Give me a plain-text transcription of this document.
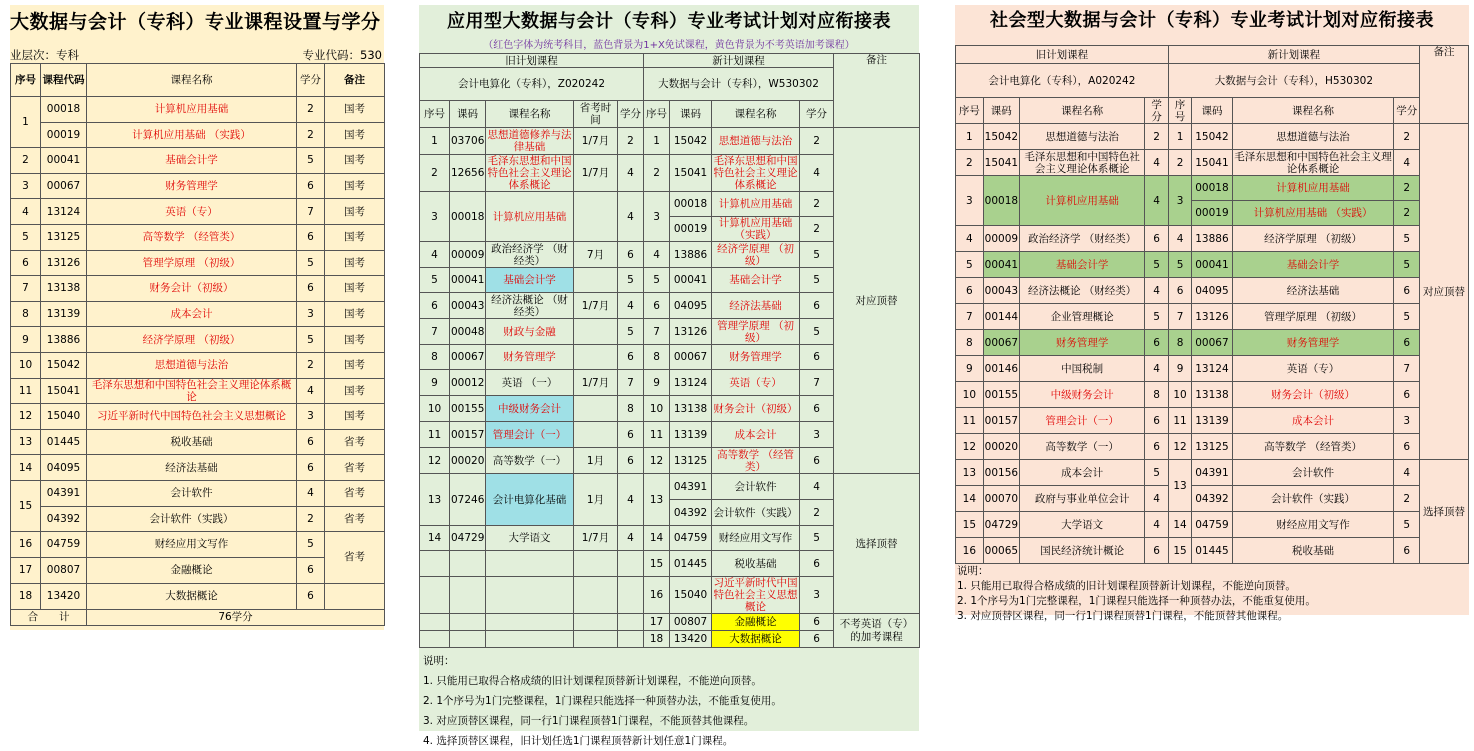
大数据与会计（专科）专业课程设置与学分
业层次：专科	专业代码：530
序号	课程代码	课程名称	学分	备注
1	00018	计算机应用基础	2	国考
	00019	计算机应用基础 （实践）	2	国考
2	00041	基础会计学	5	国考
3	00067	财务管理学	6	国考
4	13124	英语（专）	7	国考
5	13125	高等数学 （经管类）	6	国考
6	13126	管理学原理 （初级）	5	国考
7	13138	财务会计（初级）	6	国考
8	13139	成本会计	3	国考
9	13886	经济学原理 （初级）	5	国考
10	15042	思想道德与法治	2	国考
11	15041	毛泽东思想和中国特色社会主义理论体系概论	4	国考
12	15040	习近平新时代中国特色社会主义思想概论	3	国考
13	01445	税收基础	6	省考
14	04095	经济法基础	6	省考
15	04391	会计软件	4	省考
	04392	会计软件（实践）	2	省考
16	04759	财经应用文写作	5	省考
17	00807	金融概论	6	
18	13420	大数据概论	6	
合　　计		76学分		
应用型大数据与会计（专科）专业考试计划对应衔接表
（红色字体为统考科目，蓝色背景为1+X免试课程，黄色背景为不考英语加考课程）
旧计划课程					新计划课程				备注
会计电算化（专科），Z020242					大数据与会计（专科），W530302				
序号	课码	课程名称	省考时间	学分	序号	课码	课程名称	学分	
1	03706	思想道德修养与法律基础	1/7月	2	1	15042	思想道德与法治	2	对应顶替
2	12656	毛泽东思想和中国特色社会主义理论体系概论	1/7月	4	2	15041	毛泽东思想和中国特色社会主义理论体系概论	4	
3	00018	计算机应用基础		4	3	00018	计算机应用基础	2	
						00019	计算机应用基础（实践）	2	
4	00009	政治经济学 （财经类）	7月	6	4	13886	经济学原理 （初级）	5	
5	00041	基础会计学		5	5	00041	基础会计学	5	
6	00043	经济法概论 （财经类）	1/7月	4	6	04095	经济法基础	6	
7	00048	财政与金融		5	7	13126	管理学原理 （初级）	5	
8	00067	财务管理学		6	8	00067	财务管理学	6	
9	00012	英语 （一）	1/7月	7	9	13124	英语（专）	7	
10	00155	中级财务会计		8	10	13138	财务会计（初级）	6	
11	00157	管理会计（一）		6	11	13139	成本会计	3	
12	00020	高等数学（一）	1月	6	12	13125	高等数学 （经管类）	6	
13	07246	会计电算化基础	1月	4	13	04391	会计软件	4	选择顶替
						04392	会计软件（实践）	2	
14	04729	大学语文	1/7月	4	14	04759	财经应用文写作	5	
					15	01445	税收基础	6	
					16	15040	习近平新时代中国特色社会主义思想概论	3	
					17	00807	金融概论	6	不考英语（专）的加考课程
					18	13420	大数据概论	6	
说明：
1. 只能用已取得合格成绩的旧计划课程顶替新计划课程，不能逆向顶替。
2. 1个序号为1门完整课程，1门课程只能选择一种顶替办法，不能重复使用。
3. 对应顶替区课程，同一行1门课程顶替1门课程，不能顶替其他课程。
4. 选择顶替区课程，旧计划任选1门课程顶替新计划任意1门课程。
社会型大数据与会计（专科）专业考试计划对应衔接表
旧计划课程				新计划课程				备注
会计电算化（专科），A020242				大数据与会计（专科），H530302				
序号	课码	课程名称	学分	序号	课码	课程名称	学分	
1	15042	思想道德与法治	2	1	15042	思想道德与法治	2	对应顶替
2	15041	毛泽东思想和中国特色社会主义理论体系概论	4	2	15041	毛泽东思想和中国特色社会主义理论体系概论	4	
3	00018	计算机应用基础	4	3	00018	计算机应用基础	2	
					00019	计算机应用基础 （实践）	2	
4	00009	政治经济学 （财经类）	6	4	13886	经济学原理 （初级）	5	
5	00041	基础会计学	5	5	00041	基础会计学	5	
6	00043	经济法概论 （财经类）	4	6	04095	经济法基础	6	
7	00144	企业管理概论	5	7	13126	管理学原理 （初级）	5	
8	00067	财务管理学	6	8	00067	财务管理学	6	
9	00146	中国税制	4	9	13124	英语（专）	7	
10	00155	中级财务会计	8	10	13138	财务会计（初级）	6	
11	00157	管理会计（一）	6	11	13139	成本会计	3	
12	00020	高等数学（一）	6	12	13125	高等数学 （经管类）	6	
13	00156	成本会计	5	13	04391	会计软件	4	选择顶替
14	00070	政府与事业单位会计	4		04392	会计软件（实践）	2	
15	04729	大学语文	4	14	04759	财经应用文写作	5	
16	00065	国民经济统计概论	6	15	01445	税收基础	6	
说明：
1. 只能用已取得合格成绩的旧计划课程顶替新计划课程，不能逆向顶替。
2. 1个序号为1门完整课程，1门课程只能选择一种顶替办法，不能重复使用。
3. 对应顶替区课程，同一行1门课程顶替1门课程，不能顶替其他课程。
